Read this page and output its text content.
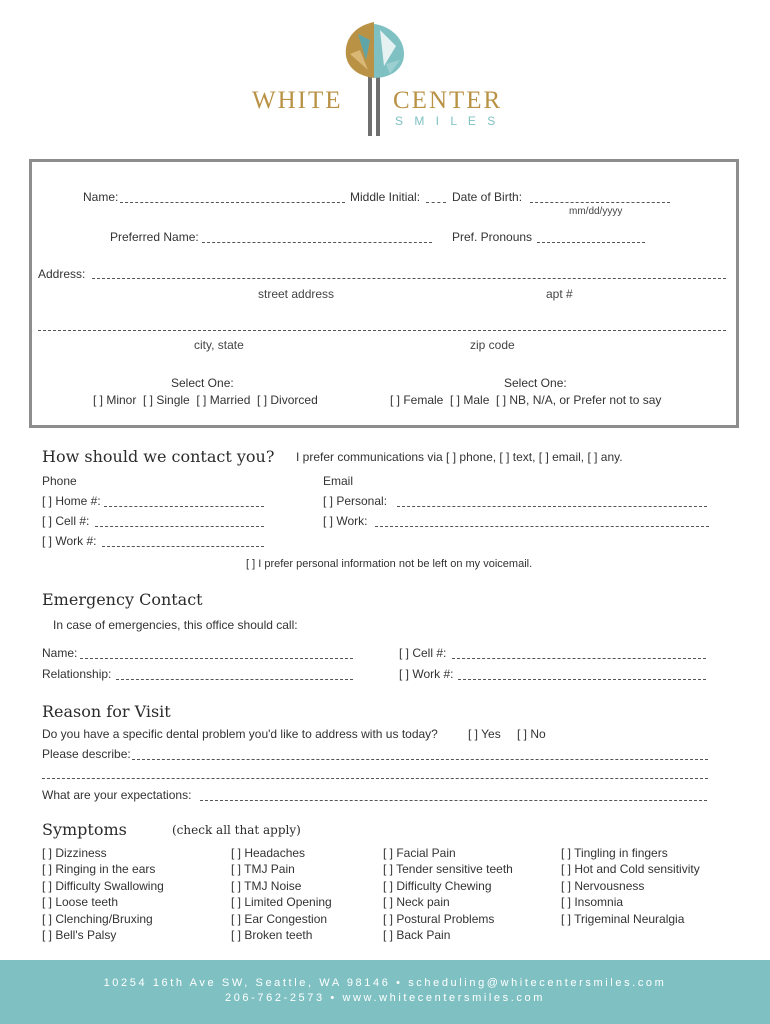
WHITE CENTER
S M I L E S
Name:	Middle Initial:	Date of Birth:
mm/dd/yyyy
Preferred Name:	Pref. Pronouns
Address:
street address	apt #
city, state	zip code
Select One:
[ ] Minor  [ ] Single  [ ] Married  [ ] Divorced
Select One:
[ ] Female  [ ] Male  [ ] NB, N/A, or Prefer not to say
How should we contact you? I prefer communications via [ ] phone, [ ] text, [ ] email, [ ] any.
Phone
[ ] Home #:
[ ] Cell #:
[ ] Work #:
Email
[ ] Personal:
[ ] Work:
[ ] I prefer personal information not be left on my voicemail.
Emergency Contact
In case of emergencies, this office should call:
Name:
Relationship:
[ ] Cell #:
[ ] Work #:
Reason for Visit
Do you have a specific dental problem you'd like to address with us today?	[ ] Yes [ ] No
Please describe:
What are your expectations:
Symptoms	(check all that apply)
[ ] Dizziness
[ ] Ringing in the ears
[ ] Difficulty Swallowing
[ ] Loose teeth
[ ] Clenching/Bruxing
[ ] Bell's Palsy
[ ] Headaches
[ ] TMJ Pain
[ ] TMJ Noise
[ ] Limited Opening
[ ] Ear Congestion
[ ] Broken teeth
[ ] Facial Pain
[ ] Tender sensitive teeth
[ ] Difficulty Chewing
[ ] Neck pain
[ ] Postural Problems
[ ] Back Pain
[ ] Tingling in fingers
[ ] Hot and Cold sensitivity
[ ] Nervousness
[ ] Insomnia
[ ] Trigeminal Neuralgia
10254 16th Ave SW, Seattle, WA 98146 • scheduling@whitecentersmiles.com
206-762-2573 • www.whitecentersmiles.com
